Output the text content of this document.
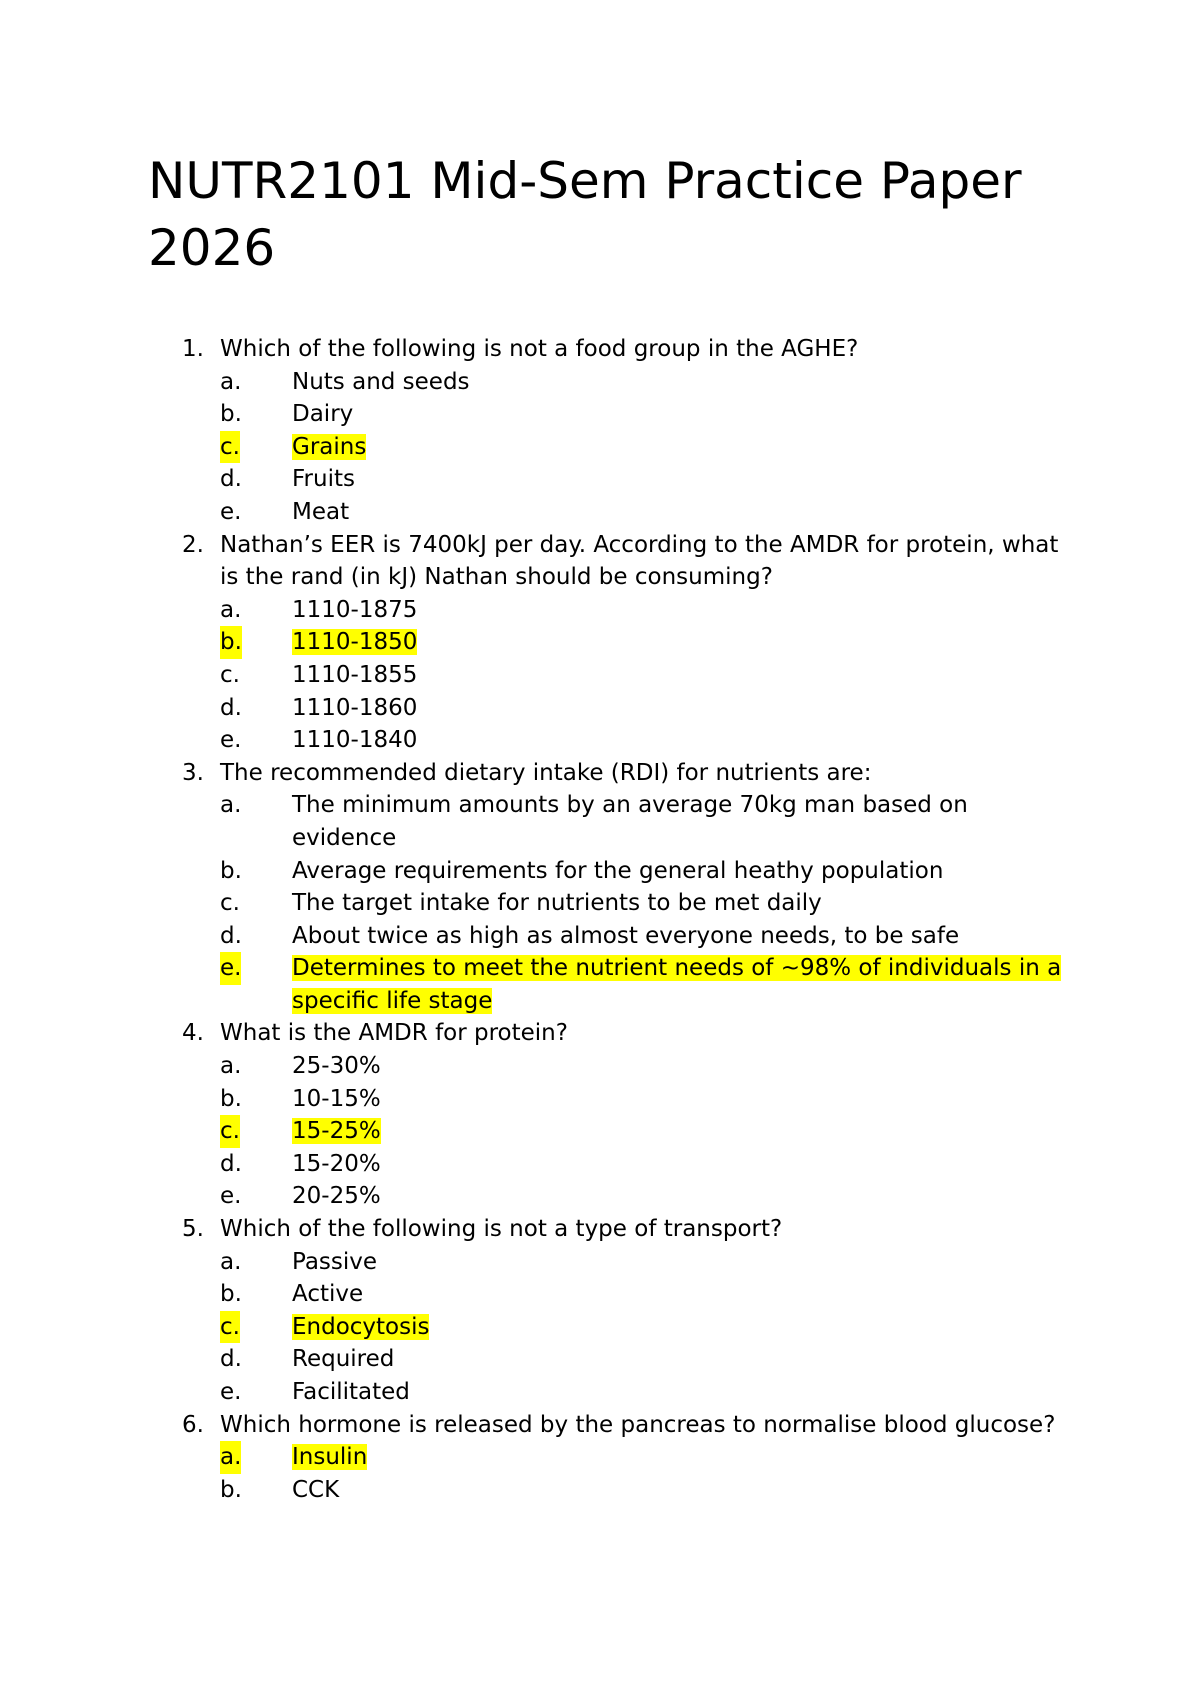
NUTR2101 Mid-Sem Practice Paper 2026
1. Which of the following is not a food group in the AGHE?
a. Nuts and seeds
b. Dairy
c. Grains
d. Fruits
e. Meat
2. Nathan’s EER is 7400kJ per day. According to the AMDR for protein, what is the rand (in kJ) Nathan should be consuming?
a. 1110-1875
b. 1110-1850
c. 1110-1855
d. 1110-1860
e. 1110-1840
3. The recommended dietary intake (RDI) for nutrients are:
a. The minimum amounts by an average 70kg man based on evidence
b. Average requirements for the general heathy population
c. The target intake for nutrients to be met daily
d. About twice as high as almost everyone needs, to be safe
e. Determines to meet the nutrient needs of ~98% of individuals in a specific life stage
4. What is the AMDR for protein?
a. 25-30%
b. 10-15%
c. 15-25%
d. 15-20%
e. 20-25%
5. Which of the following is not a type of transport?
a. Passive
b. Active
c. Endocytosis
d. Required
e. Facilitated
6. Which hormone is released by the pancreas to normalise blood glucose?
a. Insulin
b. CCK
